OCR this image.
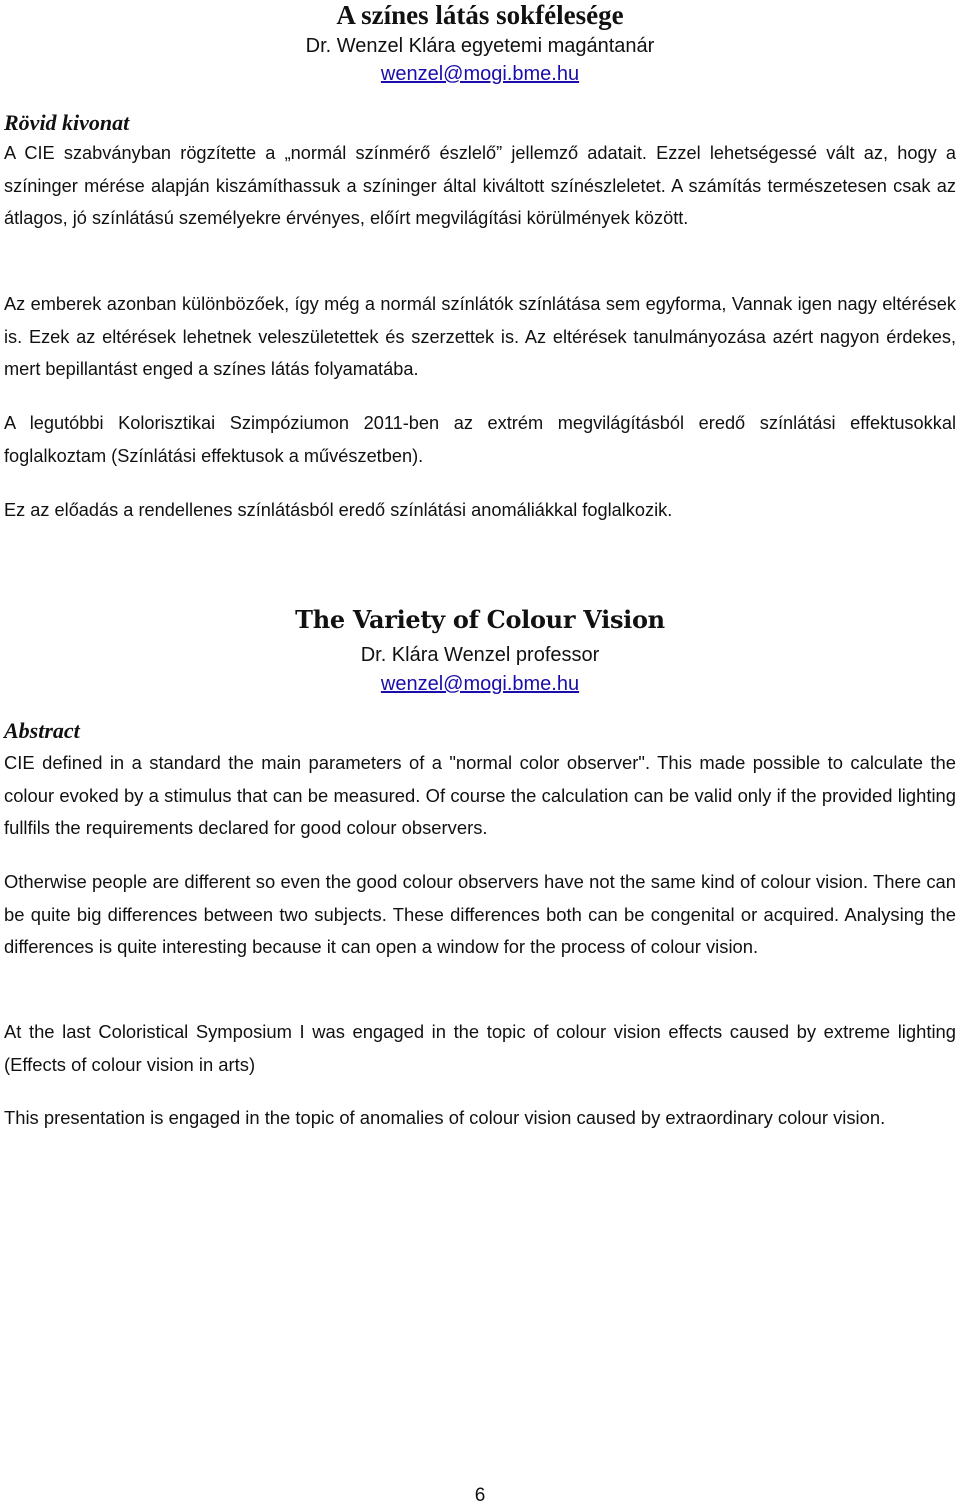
A színes látás sokfélesége
Dr. Wenzel Klára egyetemi magántanár
wenzel@mogi.bme.hu
Rövid kivonat
A CIE szabványban rögzítette a „normál színmérő észlelő” jellemző adatait. Ezzel lehetségessé vált az, hogy a színinger mérése alapján kiszámíthassuk a színinger által kiváltott színészleletet. A számítás természetesen csak az átlagos, jó színlátású személyekre érvényes, előírt megvilágítási körülmények között.
Az emberek azonban különbözőek, így még a normál színlátók színlátása sem egyforma, Vannak igen nagy eltérések is. Ezek az eltérések lehetnek veleszületettek és szerzettek is. Az eltérések tanulmányozása azért nagyon érdekes, mert bepillantást enged a színes látás folyamatába.
A legutóbbi Kolorisztikai Szimpóziumon 2011-ben az extrém megvilágításból eredő színlátási effektusokkal foglalkoztam (Színlátási effektusok a művészetben).
Ez az előadás a rendellenes színlátásból eredő színlátási anomáliákkal foglalkozik.
The Variety of Colour Vision
Dr. Klára Wenzel professor
wenzel@mogi.bme.hu
Abstract
CIE defined in a standard the main parameters of a "normal color observer". This made possible to calculate the colour evoked by a stimulus that can be measured. Of course the calculation can be valid only if the provided lighting fullfils the requirements declared for good colour observers.
Otherwise people are different so even the good colour observers have not the same kind of colour vision. There can be quite big differences between two subjects. These differences both can be congenital or acquired. Analysing the differences is quite interesting because it can open a window for the process of colour vision.
At the last Coloristical Symposium I was engaged in the topic of colour vision effects caused by extreme lighting (Effects of colour vision in arts)
This presentation is engaged in the topic of anomalies of colour vision caused by extraordinary colour vision.
6
